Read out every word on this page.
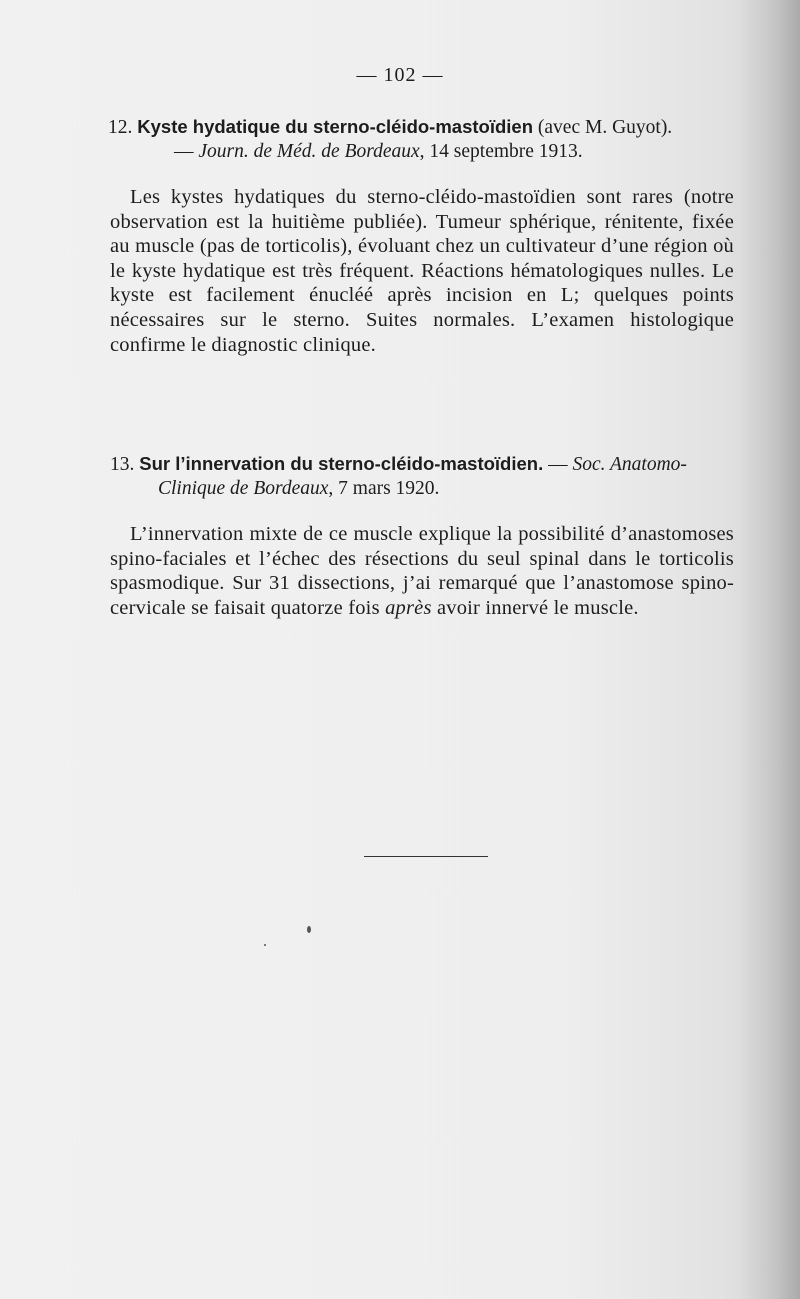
— 102 —
12. Kyste hydatique du sterno-cléido-mastoïdien (avec M. Guyot).
— Journ. de Méd. de Bordeaux, 14 septembre 1913.
Les kystes hydatiques du sterno-cléido-mastoïdien sont rares (notre observation est la huitième publiée). Tumeur sphérique, rénitente, fixée au muscle (pas de torticolis), évoluant chez un cultivateur d’une région où le kyste hydatique est très fréquent. Réactions hématologiques nulles. Le kyste est facilement énucléé après incision en L; quelques points nécessaires sur le sterno. Suites normales. L’examen histologique confirme le diagnostic clinique.
13. Sur l’innervation du sterno-cléido-mastoïdien. — Soc. Anatomo-
Clinique de Bordeaux, 7 mars 1920.
L’innervation mixte de ce muscle explique la possibilité d’anastomoses spino-faciales et l’échec des résections du seul spinal dans le torticolis spasmodique. Sur 31 dissections, j’ai remarqué que l’anastomose spino-cervicale se faisait quatorze fois après avoir innervé le muscle.
